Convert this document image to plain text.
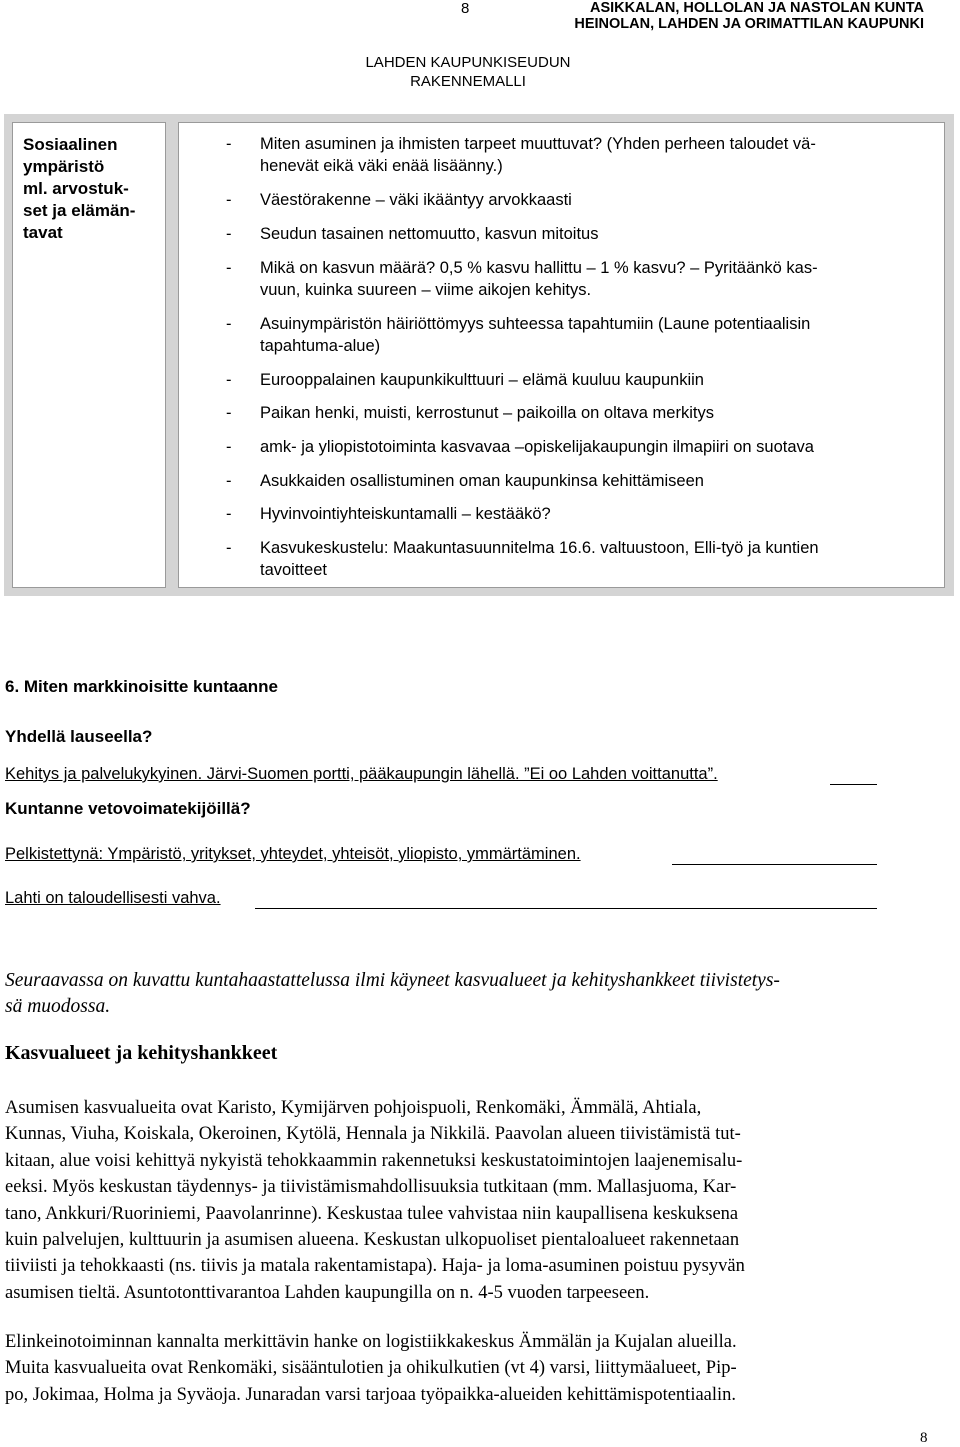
8	ASIKKALAN, HOLLOLAN JA NASTOLAN KUNTA
HEINOLAN, LAHDEN JA ORIMATTILAN KAUPUNKI
LAHDEN KAUPUNKISEUDUN
RAKENNEMALLI
Sosiaalinen
ympäristö
ml. arvostuk-
set ja elämän-
tavat
- Miten asuminen ja ihmisten tarpeet muuttuvat? (Yhden perheen taloudet vä-
henevät eikä väki enää lisäänny.)
- Väestörakenne – väki ikääntyy arvokkaasti
- Seudun tasainen nettomuutto, kasvun mitoitus
- Mikä on kasvun määrä? 0,5 % kasvu hallittu – 1 % kasvu? – Pyritäänkö kas-
vuun, kuinka suureen – viime aikojen kehitys.
- Asuinympäristön häiriöttömyys suhteessa tapahtumiin (Laune potentiaalisin
tapahtuma-alue)
- Eurooppalainen kaupunkikulttuuri – elämä kuuluu kaupunkiin
- Paikan henki, muisti, kerrostunut – paikoilla on oltava merkitys
- amk- ja yliopistotoiminta kasvavaa –opiskelijakaupungin ilmapiiri on suotava
- Asukkaiden osallistuminen oman kaupunkinsa kehittämiseen
- Hyvinvointiyhteiskuntamalli – kestääkö?
- Kasvukeskustelu: Maakuntasuunnitelma 16.6. valtuustoon, Elli-työ ja kuntien
tavoitteet
6. Miten markkinoisitte kuntaanne
Yhdellä lauseella?
Kehitys ja palvelukykyinen. Järvi-Suomen portti, pääkaupungin lähellä. ”Ei oo Lahden voittanutta”.
Kuntanne vetovoimatekijöillä?
Pelkistettynä: Ympäristö, yritykset, yhteydet, yhteisöt, yliopisto, ymmärtäminen.
Lahti on taloudellisesti vahva.
Seuraavassa on kuvattu kuntahaastattelussa ilmi käyneet kasvualueet ja kehityshankkeet tiivistetys-
sä muodossa.
Kasvualueet ja kehityshankkeet
Asumisen kasvualueita ovat Karisto, Kymijärven pohjoispuoli, Renkomäki, Ämmälä, Ahtiala,
Kunnas, Viuha, Koiskala, Okeroinen, Kytölä, Hennala ja Nikkilä. Paavolan alueen tiivistämistä tut-
kitaan, alue voisi kehittyä nykyistä tehokkaammin rakennetuksi keskustatoimintojen laajenemisalu-
eeksi. Myös keskustan täydennys- ja tiivistämismahdollisuuksia tutkitaan (mm. Mallasjuoma, Kar-
tano, Ankkuri/Ruoriniemi, Paavolanrinne). Keskustaa tulee vahvistaa niin kaupallisena keskuksena
kuin palvelujen, kulttuurin ja asumisen alueena. Keskustan ulkopuoliset pientaloalueet rakennetaan
tiiviisti ja tehokkaasti (ns. tiivis ja matala rakentamistapa). Haja- ja loma-asuminen poistuu pysyvän
asumisen tieltä. Asuntotonttivarantoa Lahden kaupungilla on n. 4-5 vuoden tarpeeseen.
Elinkeinotoiminnan kannalta merkittävin hanke on logistiikkakeskus Ämmälän ja Kujalan alueilla.
Muita kasvualueita ovat Renkomäki, sisääntulotien ja ohikulkutien (vt 4) varsi, liittymäalueet, Pip-
po, Jokimaa, Holma ja Syväoja. Junaradan varsi tarjoaa työpaikka-alueiden kehittämispotentiaalin.
8
